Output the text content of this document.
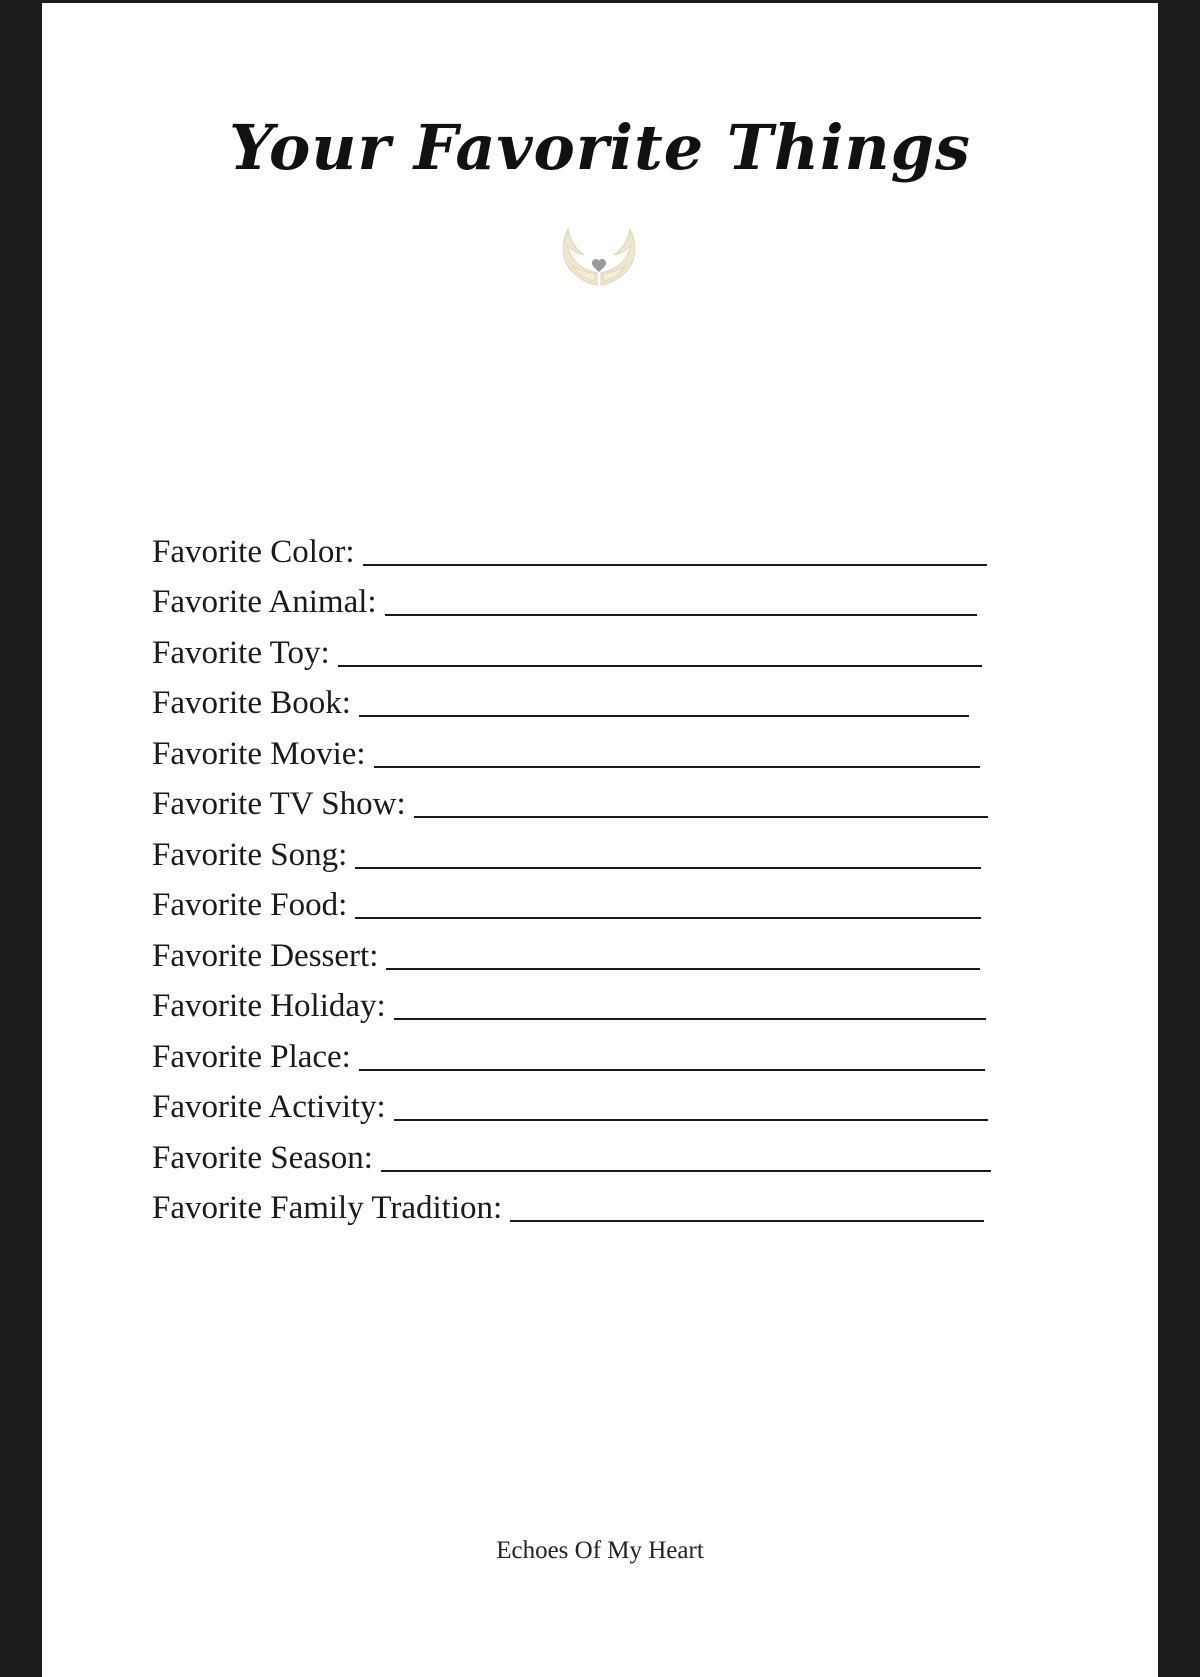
Your Favorite Things
Favorite Color:
Favorite Animal:
Favorite Toy:
Favorite Book:
Favorite Movie:
Favorite TV Show:
Favorite Song:
Favorite Food:
Favorite Dessert:
Favorite Holiday:
Favorite Place:
Favorite Activity:
Favorite Season:
Favorite Family Tradition:
Echoes Of My Heart
